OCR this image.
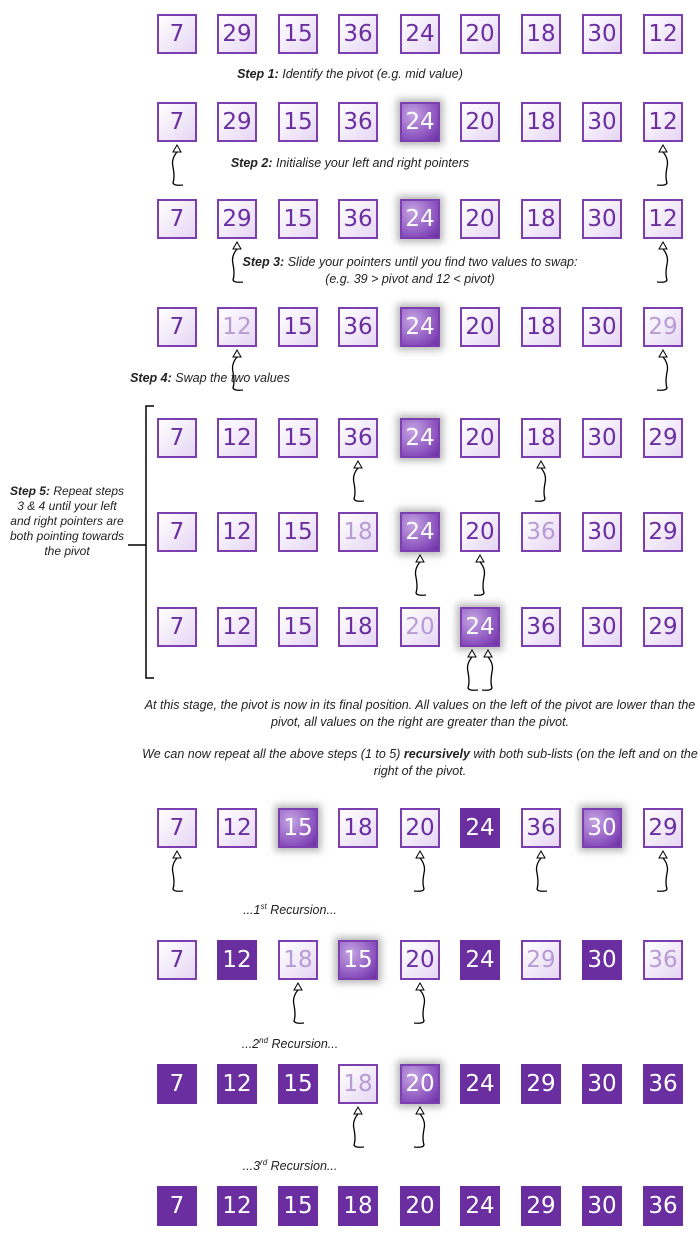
7	29 15 36 24 20 18 30 12
7	29 15 36 24 20 18 30 12
7	29 15 36 24 20 18 30 12
7	12 15 36 24 20 18 30 29
7	12 15 36 24 20 18 30 29
7	12 15 18 24 20 36 30 29
7	12 15 18 20 24 36 30 29
7	12 15 18 20 24 36 30 29
7	12 18 15 20 24 29 30 36
7	12 15 18 20 24 29 30 36
7	12 15 18 20 24 29 30 36
Step 1: Identify the pivot (e.g. mid value)
Step 2: Initialise your left and right pointers
Step 3: Slide your pointers until you find two values to swap:
(e.g. 39 > pivot and 12 < pivot)
Step 4: Swap the two values
Step 5: Repeat steps 3 & 4 until your left and right pointers are both pointing towards the pivot
At this stage, the pivot is now in its final position. All values on the left of the pivot are lower than the pivot, all values on the right are greater than the pivot.
We can now repeat all the above steps (1 to 5) recursively with both sub-lists (on the left and on the right of the pivot.
...1st Recursion...
...2nd Recursion...
...3rd Recursion...
